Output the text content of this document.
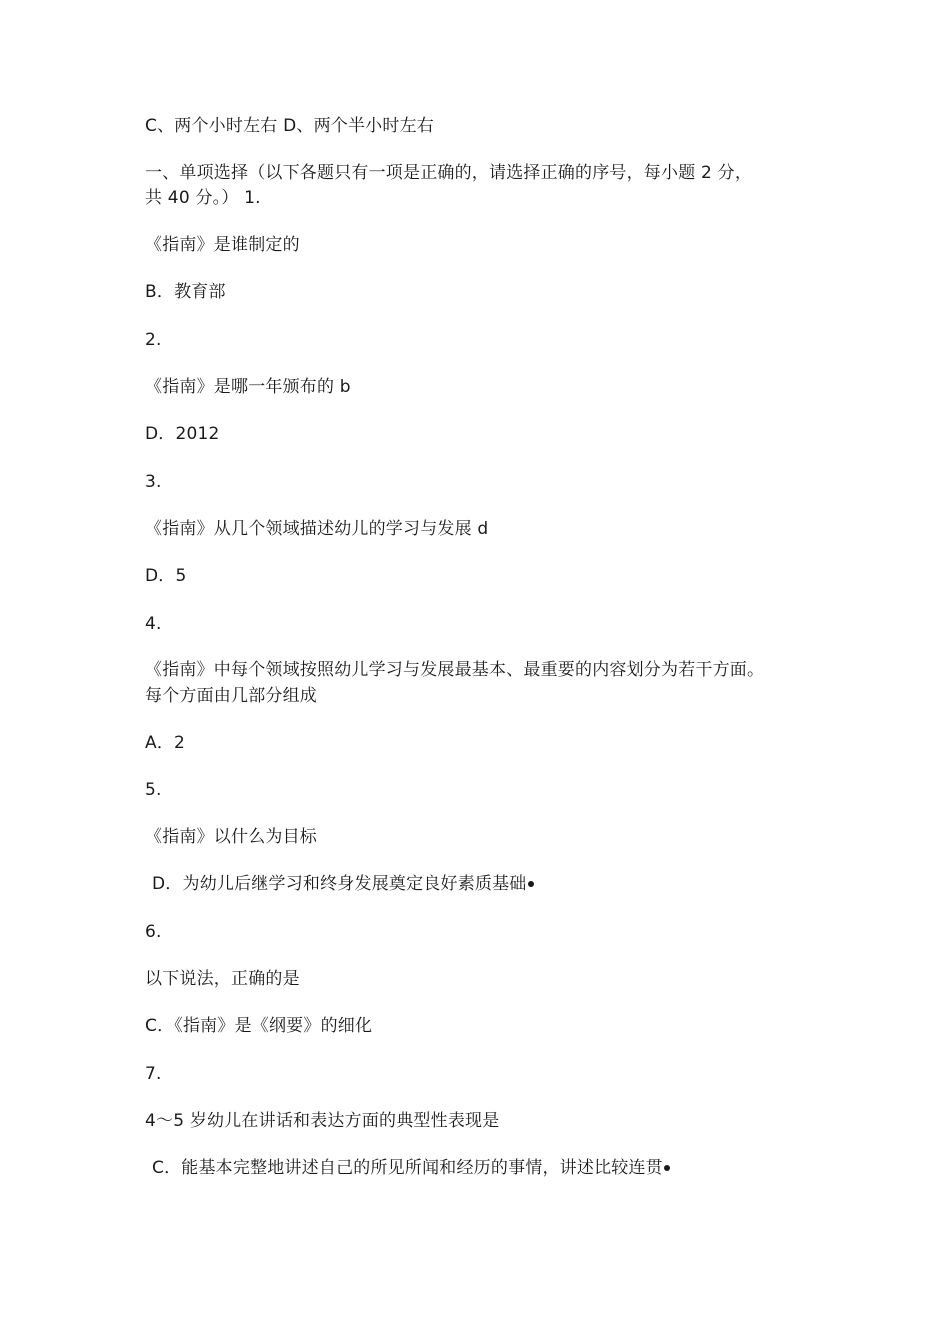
C、两个小时左右 D、两个半小时左右
一、单项选择（以下各题只有一项是正确的，请选择正确的序号，每小题 2 分，
共 40 分。） 1.
《指南》是谁制定的
B．教育部
2.
《指南》是哪一年颁布的 b
D．2012
3.
《指南》从几个领域描述幼儿的学习与发展 d
D．5
4.
《指南》中每个领域按照幼儿学习与发展最基本、最重要的内容划分为若干方面。
每个方面由几部分组成
A．2
5.
《指南》以什么为目标
D．为幼儿后继学习和终身发展奠定良好素质基础
6.
以下说法，正确的是
C．《指南》是《纲要》的细化
7.
4～5 岁幼儿在讲话和表达方面的典型性表现是
C．能基本完整地讲述自己的所见所闻和经历的事情，讲述比较连贯
